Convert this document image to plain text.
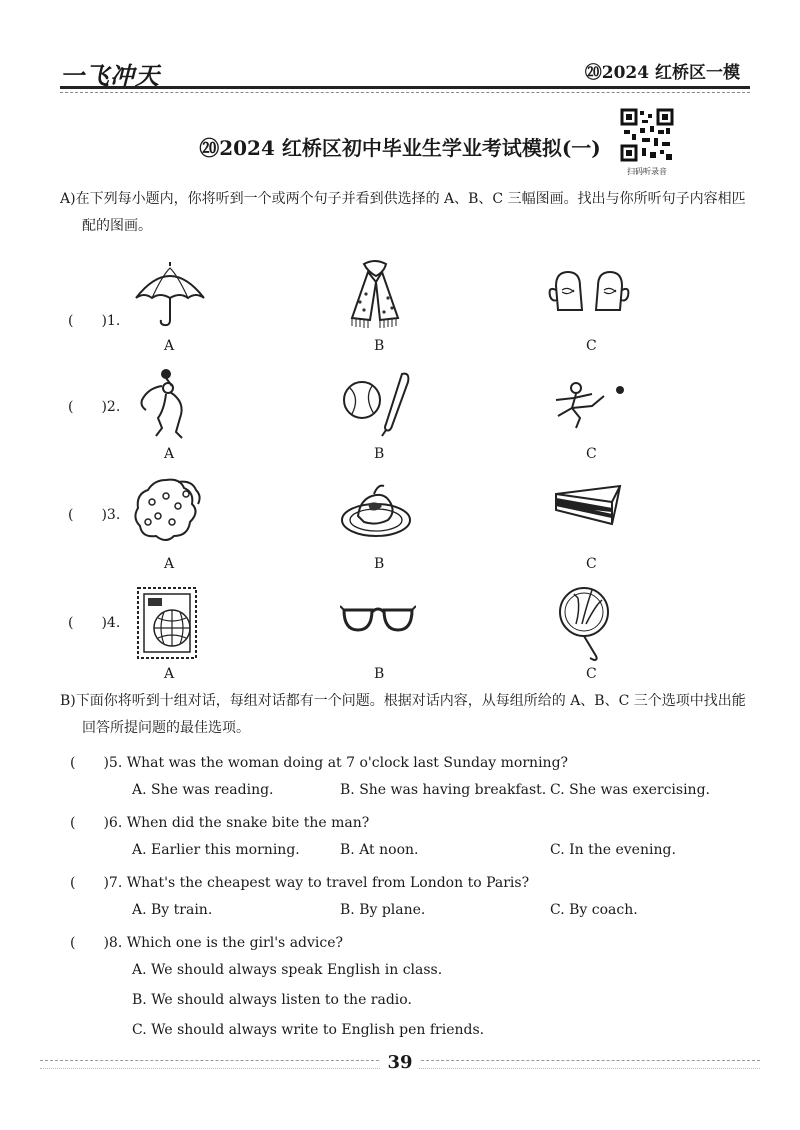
一飞冲天	⑳2024 红桥区一模
⑳2024 红桥区初中毕业生学业考试模拟(一)
扫码听录音
A)在下列每小题内，你将听到一个或两个句子并看到供选择的 A、B、C 三幅图画。找出与你所听句子内容相匹配的图画。
(　　)1.
A	B	C
(　　)2.
A	B	C
(　　)3.
A	B	C
(　　)4.
A	B	C
B)下面你将听到十组对话，每组对话都有一个问题。根据对话内容，从每组所给的 A、B、C 三个选项中找出能回答所提问题的最佳选项。
(　　)5. What was the woman doing at 7 o'clock last Sunday morning?
A. She was reading.	B. She was having breakfast. C. She was exercising.
(　　)6. When did the snake bite the man?
A. Earlier this morning.	B. At noon.	C. In the evening.
(　　)7. What's the cheapest way to travel from London to Paris?
A. By train.	B. By plane.	C. By coach.
(　　)8. Which one is the girl's advice?
A. We should always speak English in class.
B. We should always listen to the radio.
C. We should always write to English pen friends.
39
